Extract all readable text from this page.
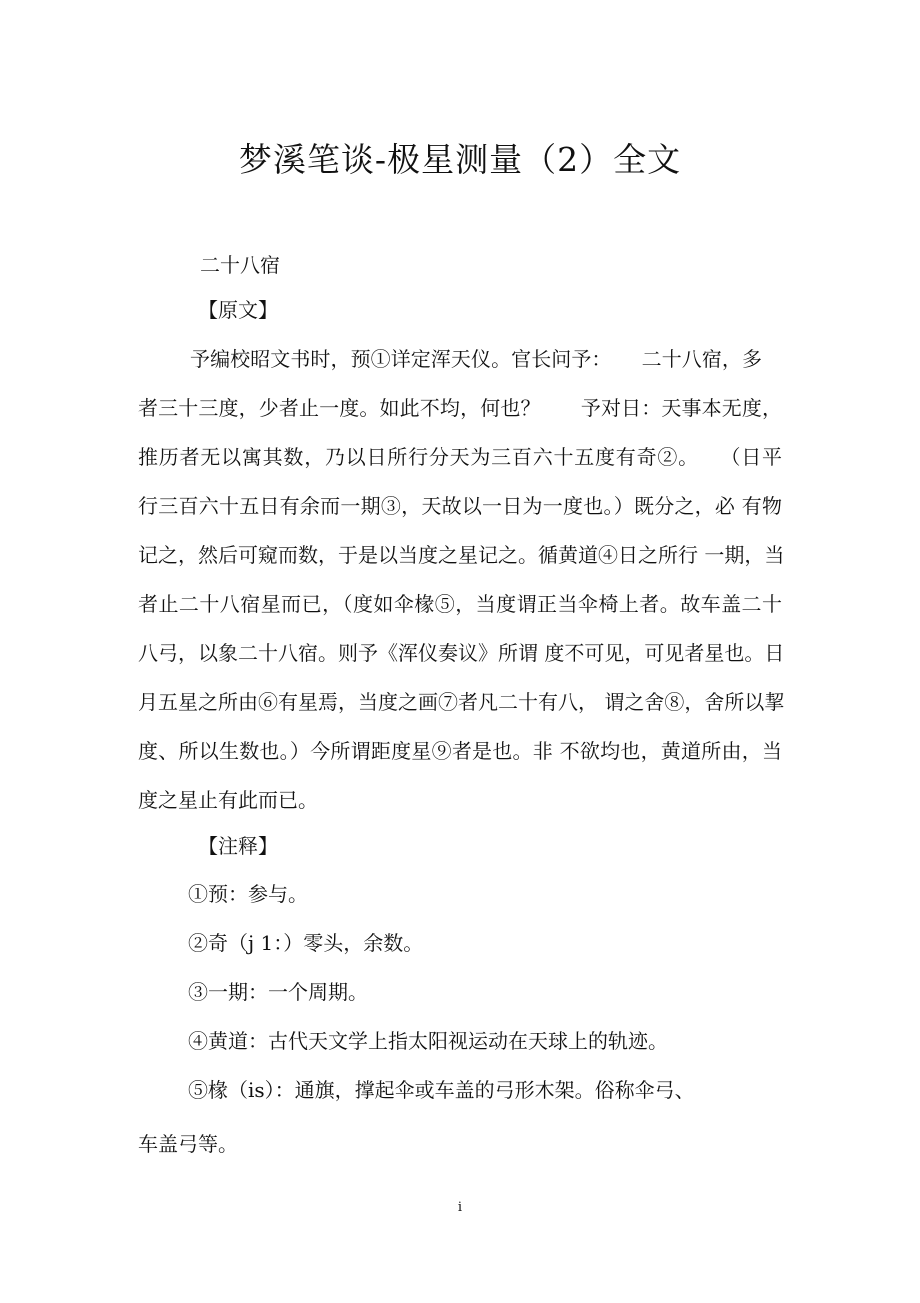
梦溪笔谈-极星测量（2）全文
二十八宿
【原文】
予编校昭文书时，预①详定浑天仪。官长问予：　　二十八宿，多
者三十三度，少者止一度。如此不均，何也？　　予对日：天事本无度，
推历者无以寓其数，乃以日所行分天为三百六十五度有奇②。　　（日平
行三百六十五日有余而一期③，天故以一日为一度也。）既分之，必 有物
记之，然后可窥而数，于是以当度之星记之。循黄道④日之所行 一期，当
者止二十八宿星而已，（度如伞椽⑤，当度谓正当伞椅上者。故车盖二十
八弓，以象二十八宿。则予《浑仪奏议》所谓 度不可见，可见者星也。日
月五星之所由⑥有星焉，当度之画⑦者凡二十有八， 谓之舍⑧，舍所以挈
度、所以生数也。）今所谓距度星⑨者是也。非 不欲均也，黄道所由，当
度之星止有此而已。
【注释】
①预：参与。
②奇（j 1：）零头，余数。
③一期：一个周期。
④黄道：古代天文学上指太阳视运动在天球上的轨迹。
⑤椽（is）：通旗，撑起伞或车盖的弓形木架。俗称伞弓、
车盖弓等。
i
